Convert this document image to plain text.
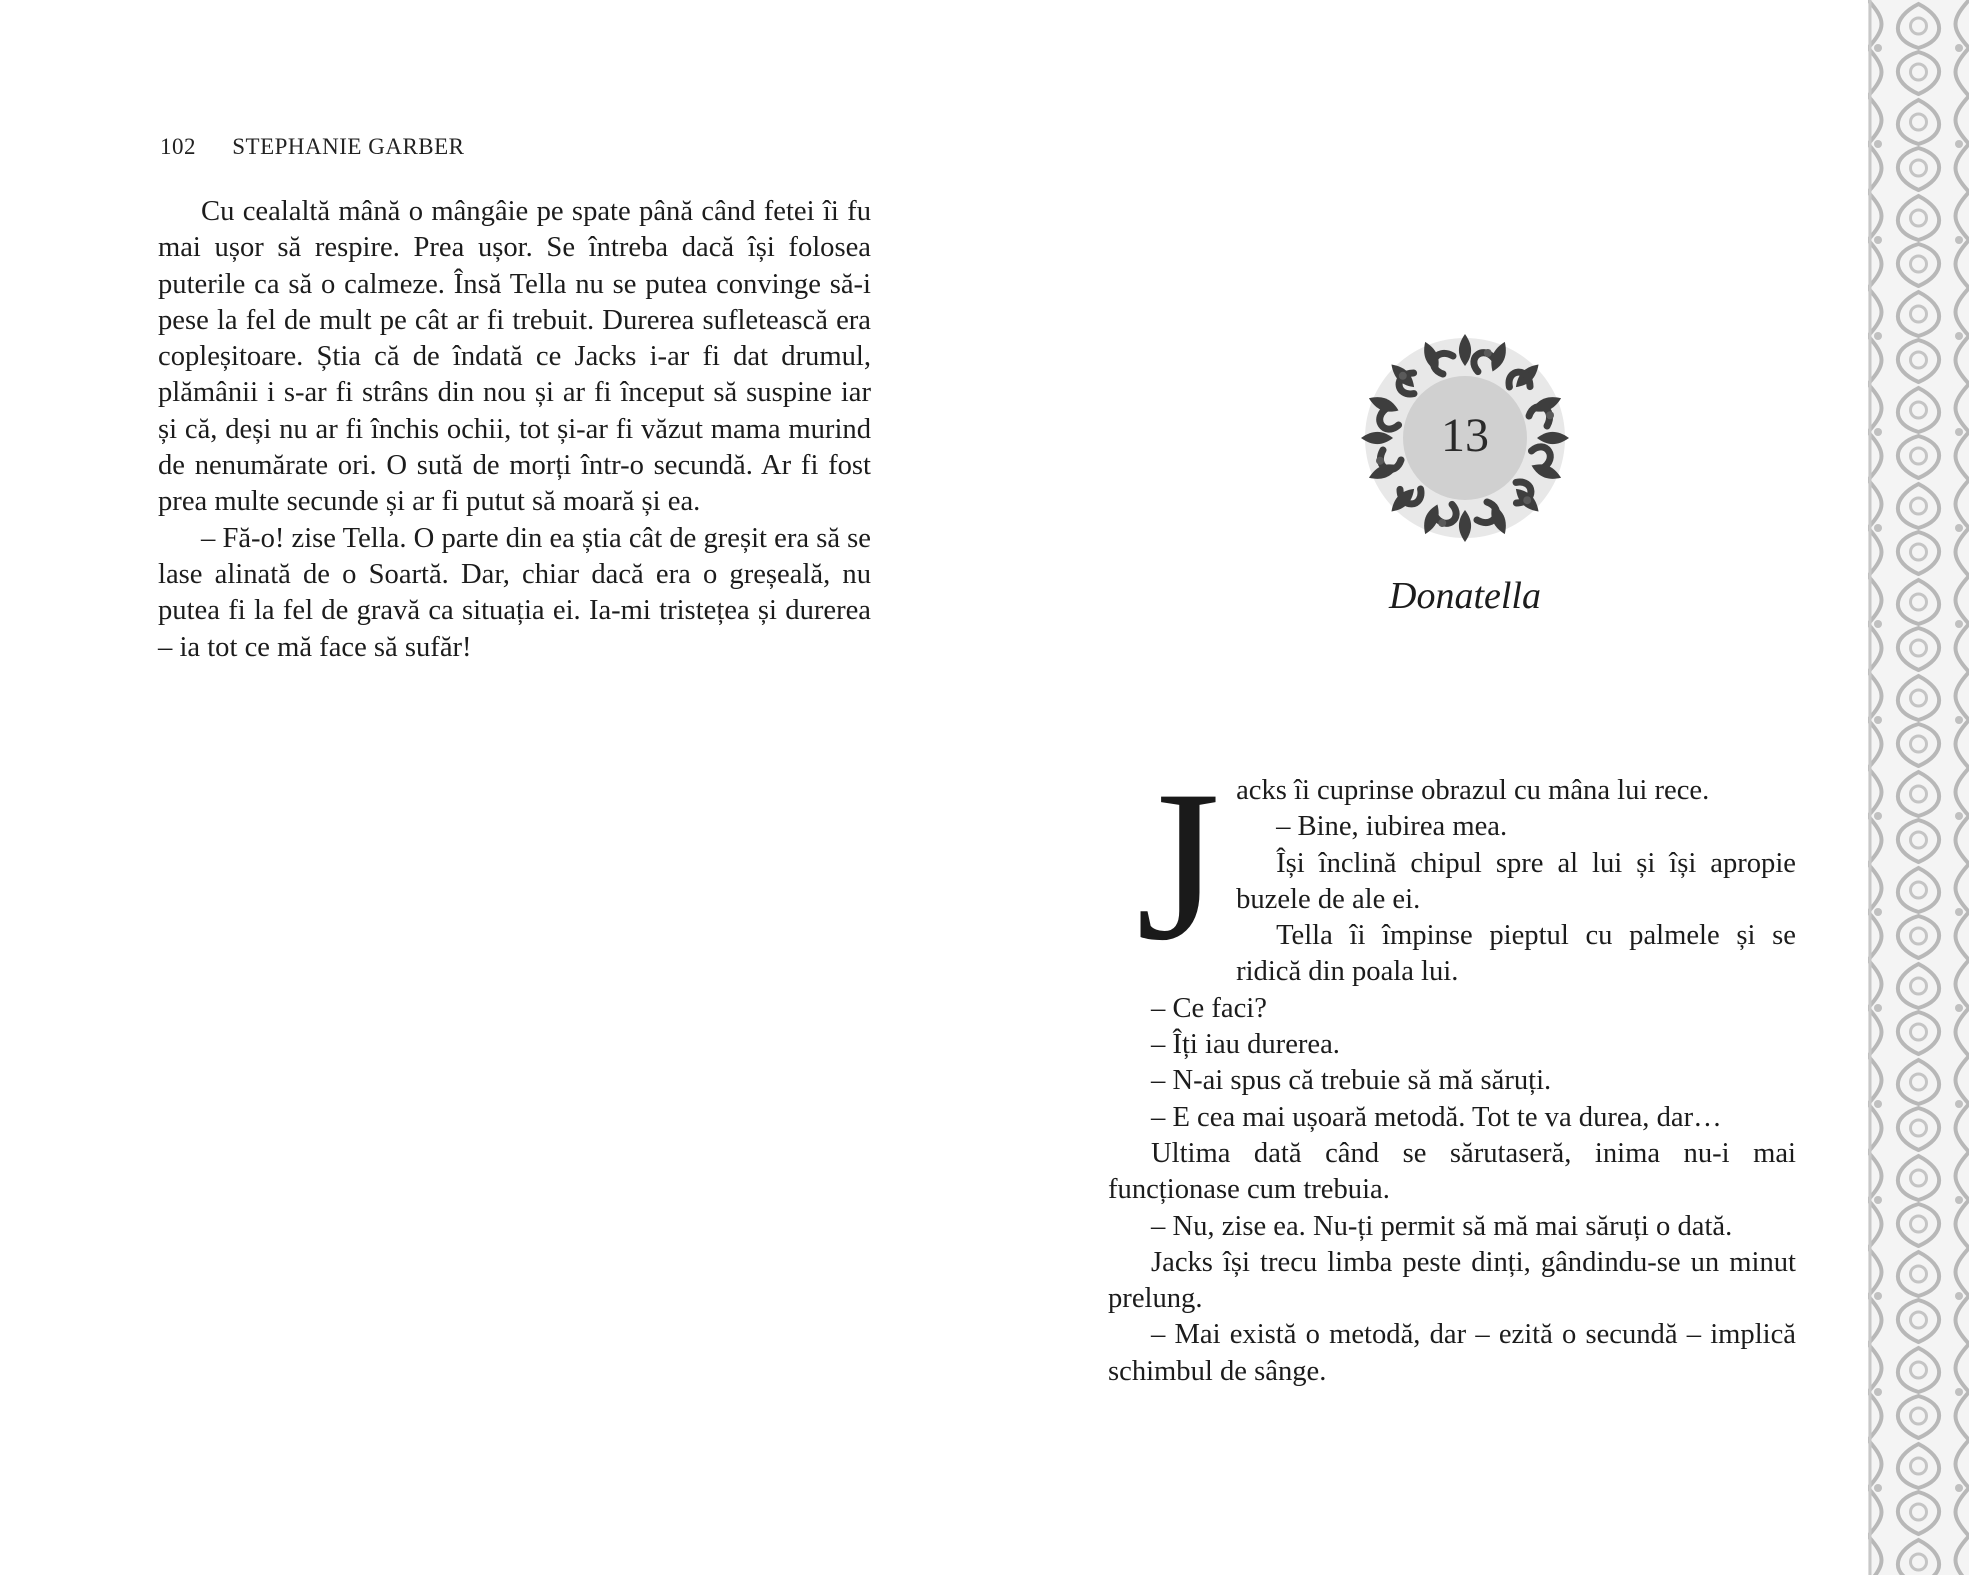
102 STEPHANIE GARBER

Cu cealaltă mână o mângâie pe spate până când fetei îi fu mai ușor să respire. Prea ușor. Se întreba dacă își folosea puterile ca să o calmeze. Însă Tella nu se putea convinge să-i pese la fel de mult pe cât ar fi trebuit. Durerea sufletească era copleșitoare. Știa că de îndată ce Jacks i-ar fi dat drumul, plămânii i s-ar fi strâns din nou și ar fi început să suspine iar și că, deși nu ar fi închis ochii, tot și-ar fi văzut mama murind de nenumărate ori. O sută de morți într-o secundă. Ar fi fost prea multe secunde și ar fi putut să moară și ea.

– Fă-o! zise Tella. O parte din ea știa cât de greșit era să se lase alinată de o Soartă. Dar, chiar dacă era o greșeală, nu putea fi la fel de gravă ca situația ei. Ia-mi tristețea și durerea – ia tot ce mă face să sufăr!

13
Donatella
J acks îi cuprinse obrazul cu mâna lui rece.

– Bine, iubirea mea.

Își înclină chipul spre al lui și își apropie buzele de ale ei.

Tella îi împinse pieptul cu palmele și se ridică din poala lui.

– Ce faci?

– Îți iau durerea.

– N-ai spus că trebuie să mă săruți.

– E cea mai ușoară metodă. Tot te va durea, dar…

Ultima dată când se sărutaseră, inima nu-i mai funcționase cum trebuia.

– Nu, zise ea. Nu-ți permit să mă mai săruți o dată.

Jacks își trecu limba peste dinți, gândindu-se un minut prelung.

– Mai există o metodă, dar – ezită o secundă – implică schimbul de sânge.
